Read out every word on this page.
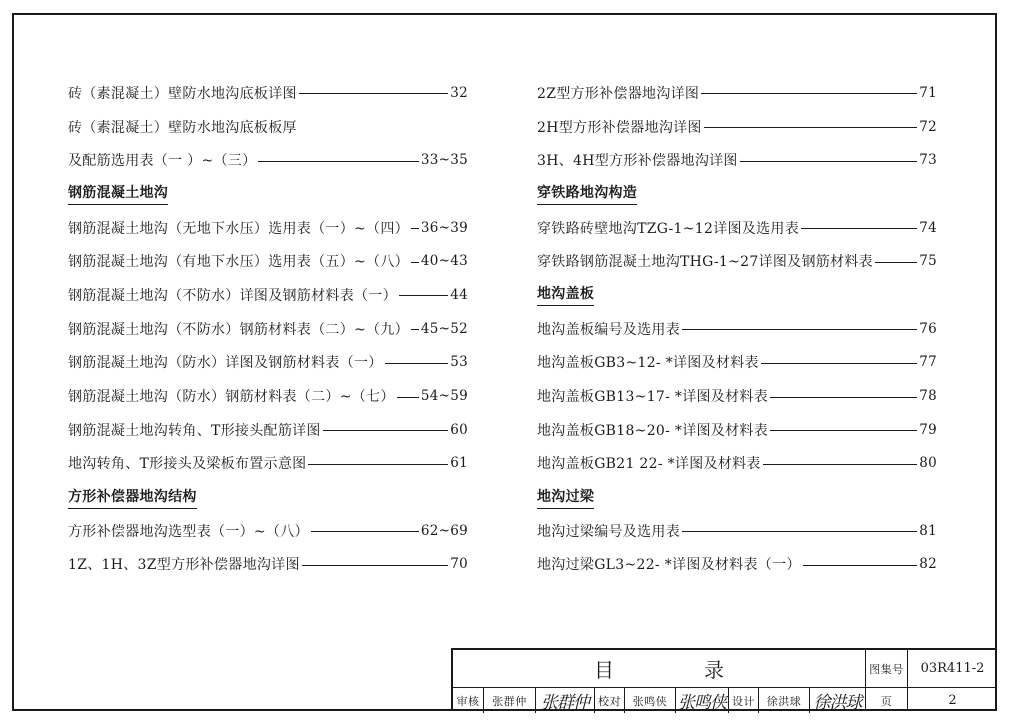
砖（素混凝土）壁防水地沟底板详图	32
砖（素混凝土）壁防水地沟底板板厚
及配筋选用表（一 ）~（三）	33~35
钢筋混凝土地沟
钢筋混凝土地沟（无地下水压）选用表（一）~（四） 36~39
钢筋混凝土地沟（有地下水压）选用表（五）~（八） 40~43
钢筋混凝土地沟（不防水）详图及钢筋材料表（一）	44
钢筋混凝土地沟（不防水）钢筋材料表（二）~（九） 45~52
钢筋混凝土地沟（防水）详图及钢筋材料表（一）	53
钢筋混凝土地沟（防水）钢筋材料表（二）~（七） 54~59
钢筋混凝土地沟转角、T形接头配筋详图	60
地沟转角、T形接头及梁板布置示意图	61
方形补偿器地沟结构
方形补偿器地沟选型表（一）~（八）	62~69
1Z、1H、3Z型方形补偿器地沟详图	70
2Z型方形补偿器地沟详图	71
2H型方形补偿器地沟详图	72
3H、4H型方形补偿器地沟详图	73
穿铁路地沟构造
穿铁路砖壁地沟TZG-1~12详图及选用表	74
穿铁路钢筋混凝土地沟THG-1~27详图及钢筋材料表	75
地沟盖板
地沟盖板编号及选用表	76
地沟盖板GB3~12- *详图及材料表	77
地沟盖板GB13~17- *详图及材料表	78
地沟盖板GB18~20- *详图及材料表	79
地沟盖板GB21 22- *详图及材料表	80
地沟过梁
地沟过梁编号及选用表	81
地沟过梁GL3~22- *详图及材料表（一）	82
目	录	图集号	03R411-2
审核	张群仲 张群仲 校对	张鸣侠 张鸣侠 设计	徐洪球 徐洪球	页	2
